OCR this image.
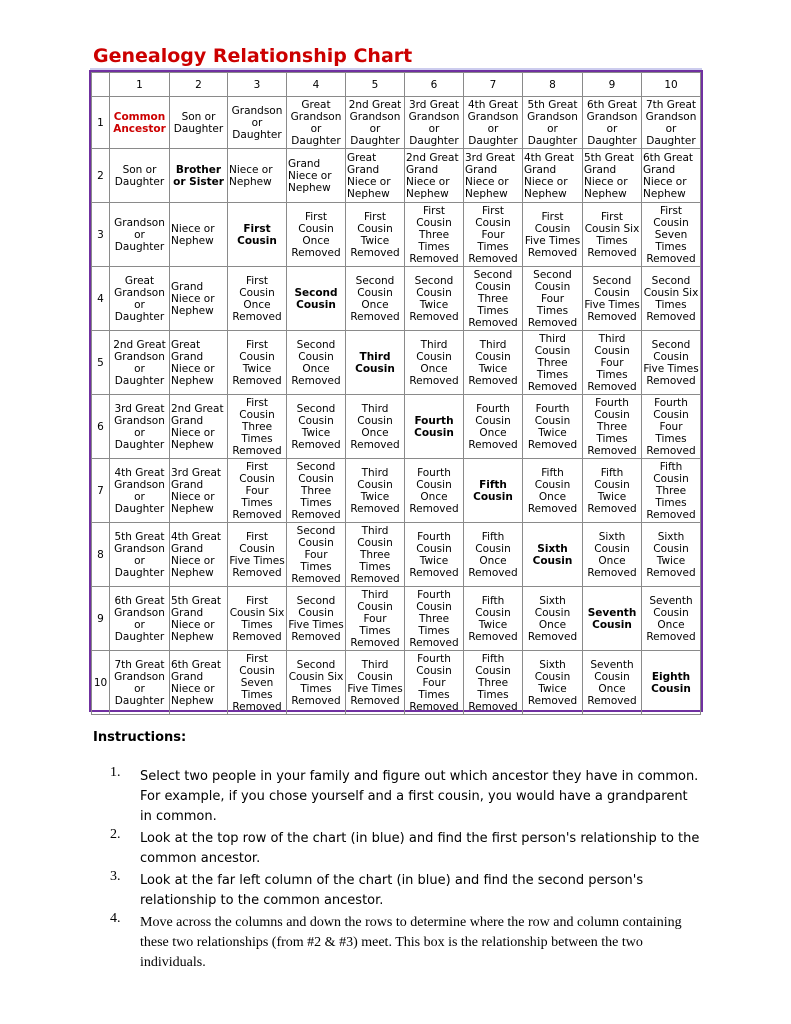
Genealogy Relationship Chart
	1	2	3	4	5	6	7	8	9	10
1	Common Ancestor	Son or Daughter	Grandson or Daughter	Great Grandson or Daughter	2nd Great Grandson or Daughter	3rd Great Grandson or Daughter	4th Great Grandson or Daughter	5th Great Grandson or Daughter	6th Great Grandson or Daughter	7th Great Grandson or Daughter
2	Son or Daughter	Brother or Sister	Niece or Nephew	Grand Niece or Nephew	Great Grand Niece or Nephew	2nd Great Grand Niece or Nephew	3rd Great Grand Niece or Nephew	4th Great Grand Niece or Nephew	5th Great Grand Niece or Nephew	6th Great Grand Niece or Nephew
3	Grandson or Daughter	Niece or Nephew	First Cousin	First Cousin Once Removed	First Cousin Twice Removed	First Cousin Three Times Removed	First Cousin Four Times Removed	First Cousin Five Times Removed	First Cousin Six Times Removed	First Cousin Seven Times Removed
4	Great Grandson or Daughter	Grand Niece or Nephew	First Cousin Once Removed	Second Cousin	Second Cousin Once Removed	Second Cousin Twice Removed	Second Cousin Three Times Removed	Second Cousin Four Times Removed	Second Cousin Five Times Removed	Second Cousin Six Times Removed
5	2nd Great Grandson or Daughter	Great Grand Niece or Nephew	First Cousin Twice Removed	Second Cousin Once Removed	Third Cousin	Third Cousin Once Removed	Third Cousin Twice Removed	Third Cousin Three Times Removed	Third Cousin Four Times Removed	Second Cousin Five Times Removed
6	3rd Great Grandson or Daughter	2nd Great Grand Niece or Nephew	First Cousin Three Times Removed	Second Cousin Twice Removed	Third Cousin Once Removed	Fourth Cousin	Fourth Cousin Once Removed	Fourth Cousin Twice Removed	Fourth Cousin Three Times Removed	Fourth Cousin Four Times Removed
7	4th Great Grandson or Daughter	3rd Great Grand Niece or Nephew	First Cousin Four Times Removed	Second Cousin Three Times Removed	Third Cousin Twice Removed	Fourth Cousin Once Removed	Fifth Cousin	Fifth Cousin Once Removed	Fifth Cousin Twice Removed	Fifth Cousin Three Times Removed
8	5th Great Grandson or Daughter	4th Great Grand Niece or Nephew	First Cousin Five Times Removed	Second Cousin Four Times Removed	Third Cousin Three Times Removed	Fourth Cousin Twice Removed	Fifth Cousin Once Removed	Sixth Cousin	Sixth Cousin Once Removed	Sixth Cousin Twice Removed
9	6th Great Grandson or Daughter	5th Great Grand Niece or Nephew	First Cousin Six Times Removed	Second Cousin Five Times Removed	Third Cousin Four Times Removed	Fourth Cousin Three Times Removed	Fifth Cousin Twice Removed	Sixth Cousin Once Removed	Seventh Cousin	Seventh Cousin Once Removed
10	7th Great Grandson or Daughter	6th Great Grand Niece or Nephew	First Cousin Seven Times Removed	Second Cousin Six Times Removed	Third Cousin Five Times Removed	Fourth Cousin Four Times Removed	Fifth Cousin Three Times Removed	Sixth Cousin Twice Removed	Seventh Cousin Once Removed	Eighth Cousin
Instructions:
1. Select two people in your family and figure out which ancestor they have in common. For example, if you chose yourself and a first cousin, you would have a grandparent in common.
2. Look at the top row of the chart (in blue) and find the first person's relationship to the common ancestor.
3. Look at the far left column of the chart (in blue) and find the second person's relationship to the common ancestor.
4. Move across the columns and down the rows to determine where the row and column containing these two relationships (from #2 & #3) meet. This box is the relationship between the two individuals.
